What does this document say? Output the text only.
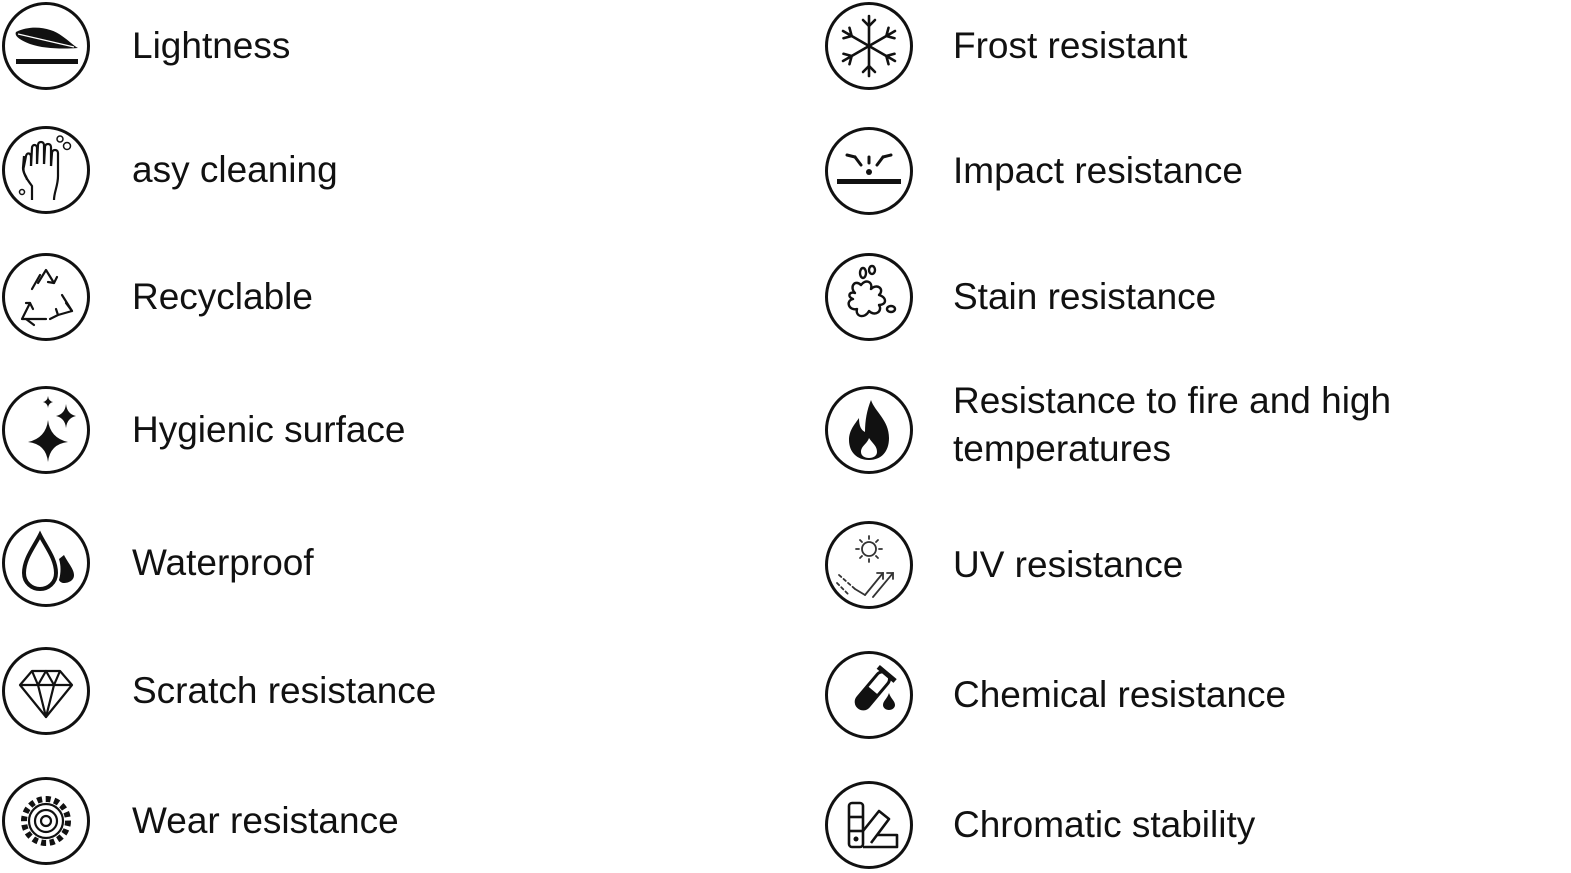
Lightness
asy cleaning
Recyclable
Hygienic surface
Waterproof
Scratch resistance
Wear resistance
Frost resistant
Impact resistance
Stain resistance
Resistance to fire and high temperatures
UV resistance
Chemical resistance
Chromatic stability
